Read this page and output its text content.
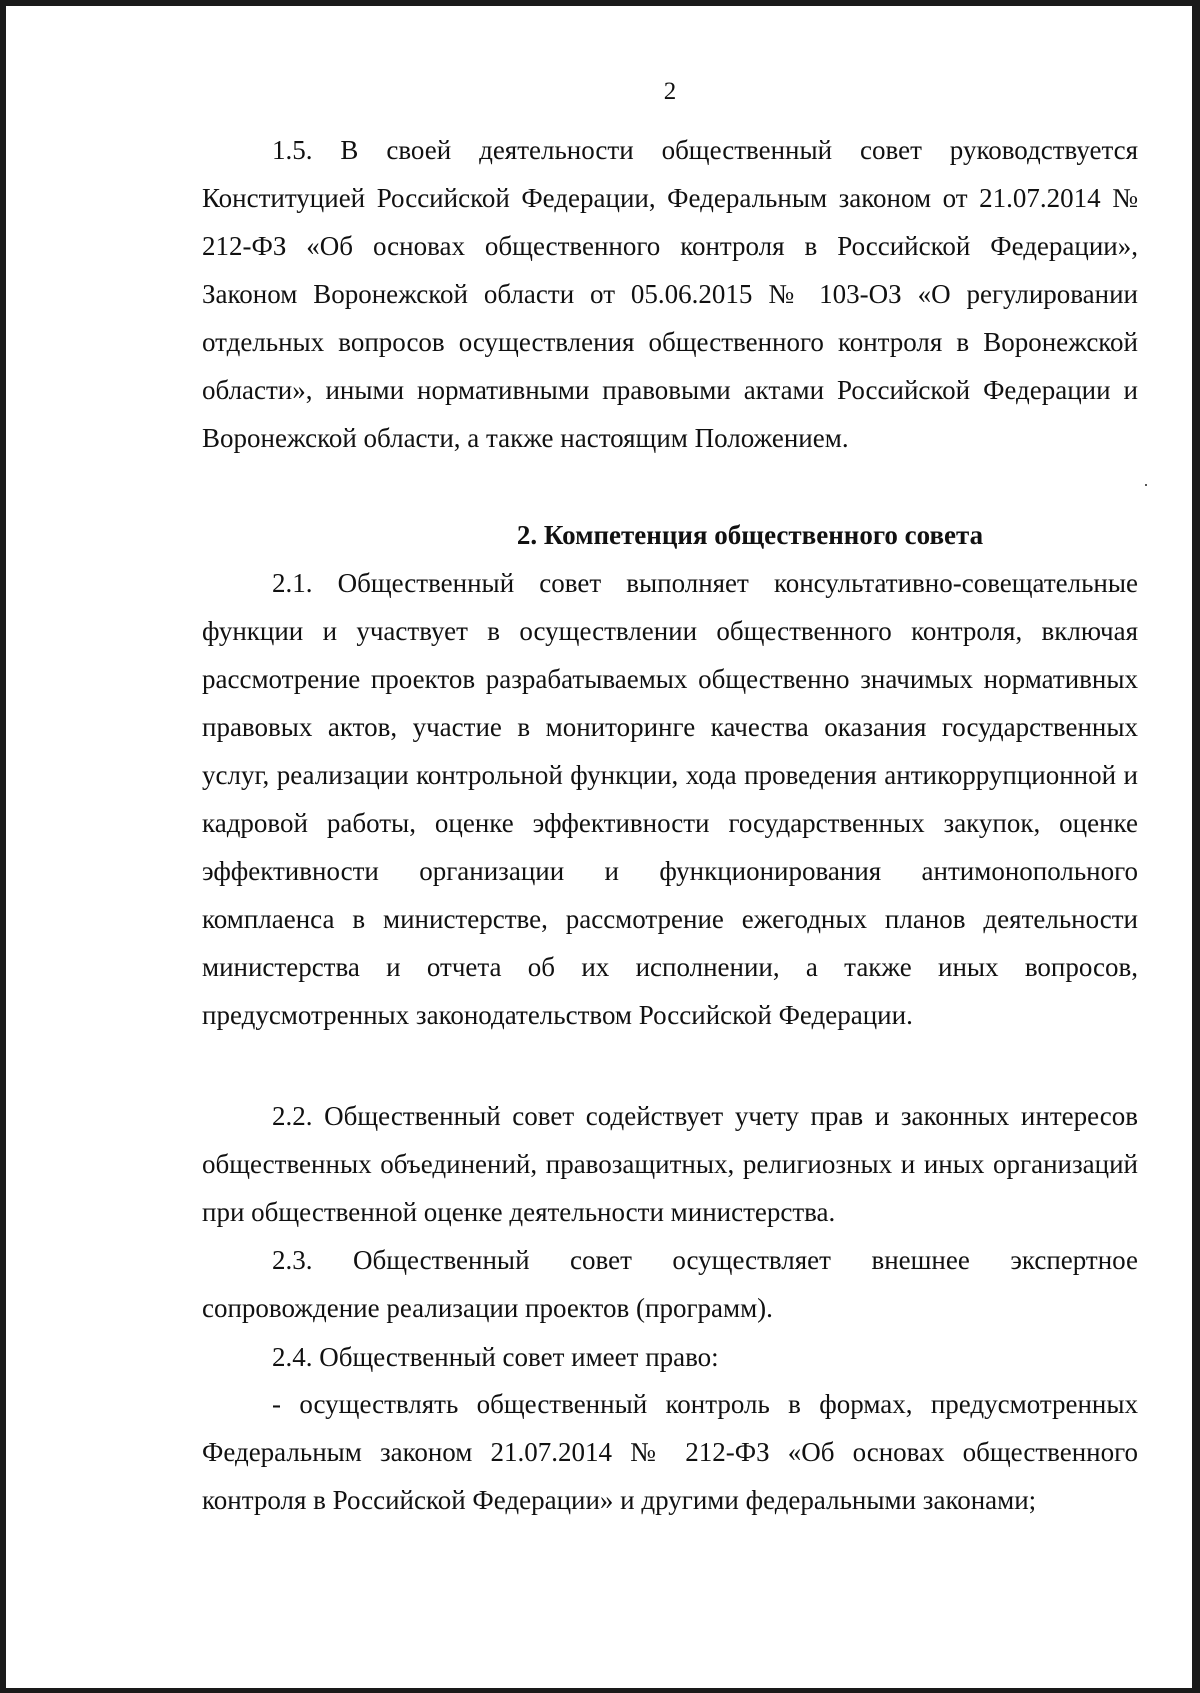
2

1.5. В своей деятельности общественный совет руководствуется Конституцией Российской Федерации, Федеральным законом от 21.07.2014 № 212-ФЗ «Об основах общественного контроля в Российской Федерации», Законом Воронежской области от 05.06.2015 № 103-ОЗ «О регулировании отдельных вопросов осуществления общественного контроля в Воронежской области», иными нормативными правовыми актами Российской Федерации и Воронежской области, а также настоящим Положением.

2. Компетенция общественного совета

2.1. Общественный совет выполняет консультативно-совещательные функции и участвует в осуществлении общественного контроля, включая рассмотрение проектов разрабатываемых общественно значимых нормативных правовых актов, участие в мониторинге качества оказания государственных услуг, реализации контрольной функции, хода проведения антикоррупционной и кадровой работы, оценке эффективности государственных закупок, оценке эффективности организации и функционирования антимонопольного комплаенса в министерстве, рассмотрение ежегодных планов деятельности министерства и отчета об их исполнении, а также иных вопросов, предусмотренных законодательством Российской Федерации.

2.2. Общественный совет содействует учету прав и законных интересов общественных объединений, правозащитных, религиозных и иных организаций при общественной оценке деятельности министерства.

2.3. Общественный совет осуществляет внешнее экспертное сопровождение реализации проектов (программ).

2.4. Общественный совет имеет право:

- осуществлять общественный контроль в формах, предусмотренных Федеральным законом 21.07.2014 № 212-ФЗ «Об основах общественного контроля в Российской Федерации» и другими федеральными законами;
